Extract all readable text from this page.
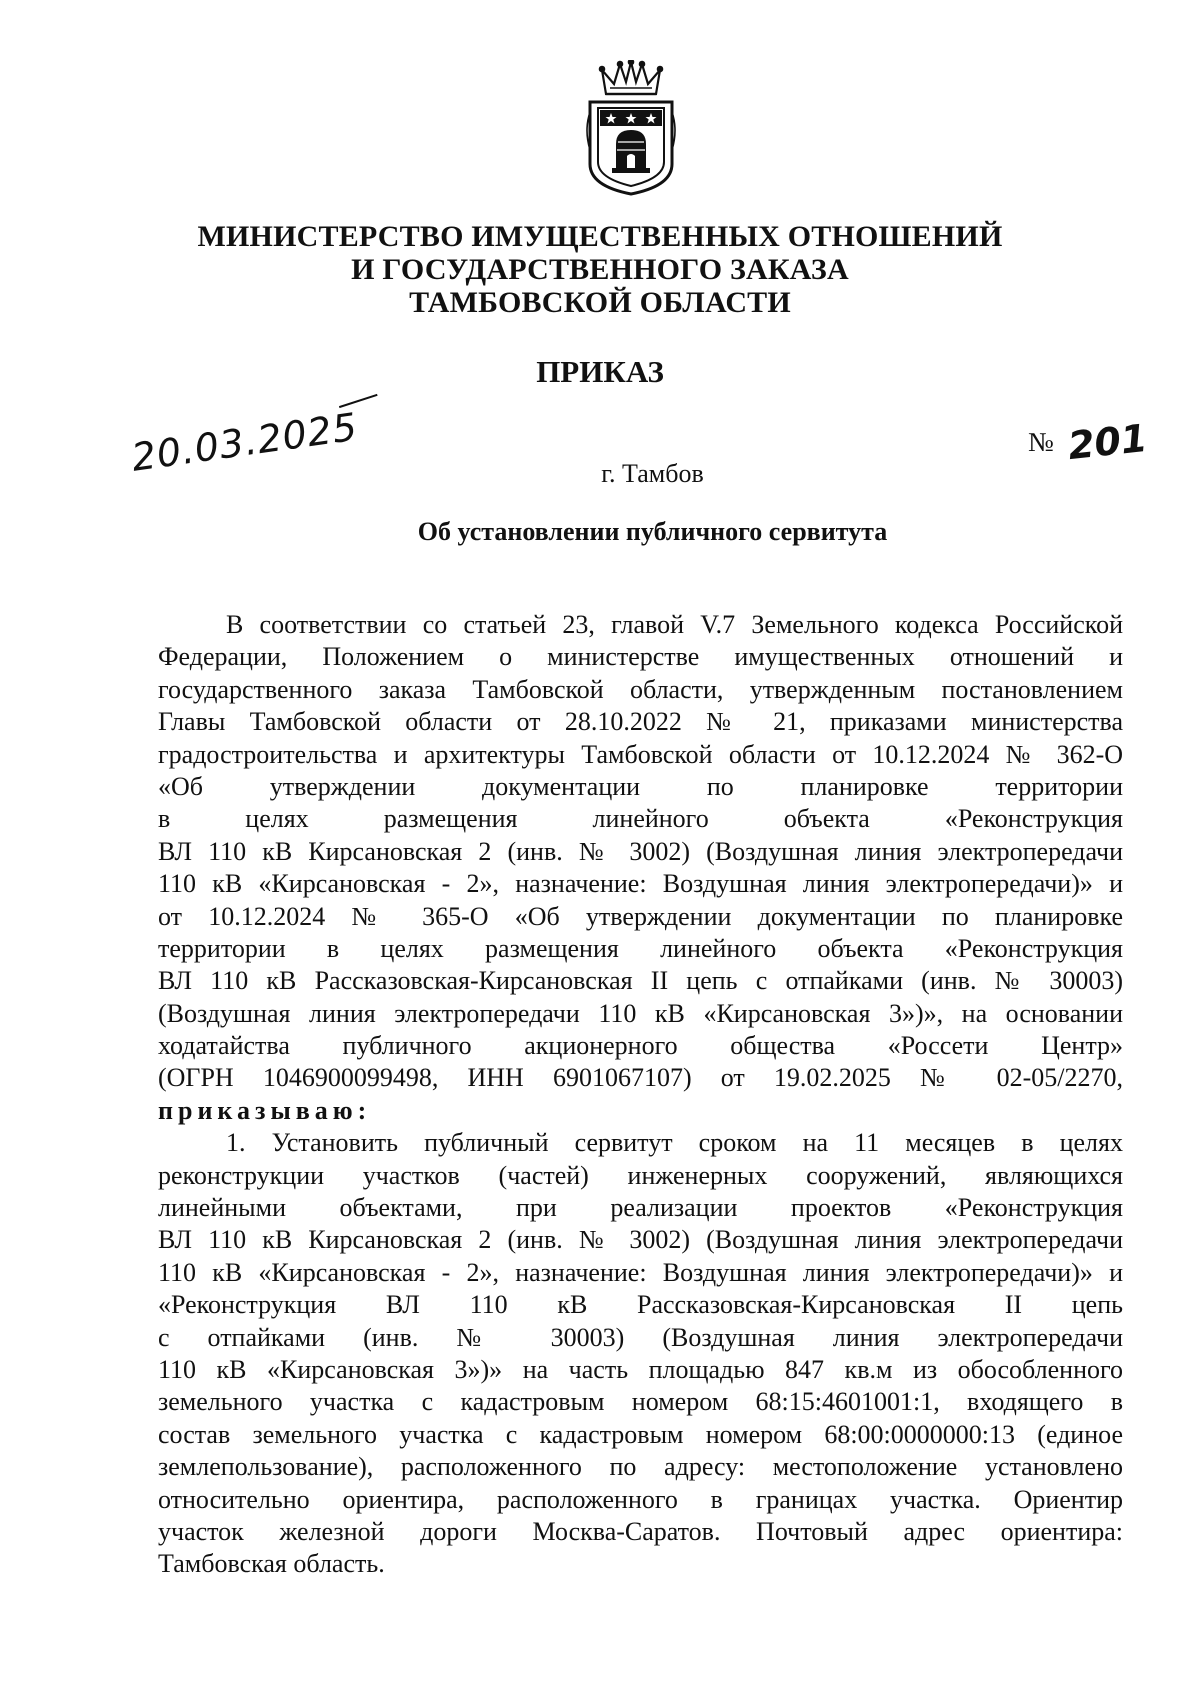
МИНИСТЕРСТВО ИМУЩЕСТВЕННЫХ ОТНОШЕНИЙ
И ГОСУДАРСТВЕННОГО ЗАКАЗА
ТАМБОВСКОЙ ОБЛАСТИ
ПРИКАЗ
20.03.2025	№ 201
г. Тамбов
Об установлении публичного сервитута
В соответствии со статьей 23, главой V.7 Земельного кодекса Российской
Федерации, Положением о министерстве имущественных отношений и
государственного заказа Тамбовской области, утвержденным постановлением
Главы Тамбовской области от 28.10.2022 № 21, приказами министерства
градостроительства и архитектуры Тамбовской области от 10.12.2024 № 362-О
«Об утверждении документации по планировке территории
в целях размещения линейного объекта «Реконструкция
ВЛ 110 кВ Кирсановская 2 (инв. № 3002) (Воздушная линия электропередачи
110 кВ «Кирсановская - 2», назначение: Воздушная линия электропередачи)» и
от 10.12.2024 № 365-О «Об утверждении документации по планировке
территории в целях размещения линейного объекта «Реконструкция
ВЛ 110 кВ Рассказовская-Кирсановская II цепь с отпайками (инв. № 30003)
(Воздушная линия электропередачи 110 кВ «Кирсановская 3»)», на основании
ходатайства публичного акционерного общества «Россети Центр»
(ОГРН 1046900099498, ИНН 6901067107) от 19.02.2025 № 02-05/2270,
приказываю:
1. Установить публичный сервитут сроком на 11 месяцев в целях
реконструкции участков (частей) инженерных сооружений, являющихся
линейными объектами, при реализации проектов «Реконструкция
ВЛ 110 кВ Кирсановская 2 (инв. № 3002) (Воздушная линия электропередачи
110 кВ «Кирсановская - 2», назначение: Воздушная линия электропередачи)» и
«Реконструкция ВЛ 110 кВ Рассказовская-Кирсановская II цепь
с отпайками (инв. № 30003) (Воздушная линия электропередачи
110 кВ «Кирсановская 3»)» на часть площадью 847 кв.м из обособленного
земельного участка с кадастровым номером 68:15:4601001:1, входящего в
состав земельного участка с кадастровым номером 68:00:0000000:13 (единое
землепользование), расположенного по адресу: местоположение установлено
относительно ориентира, расположенного в границах участка. Ориентир
участок железной дороги Москва-Саратов. Почтовый адрес ориентира:
Тамбовская область.
